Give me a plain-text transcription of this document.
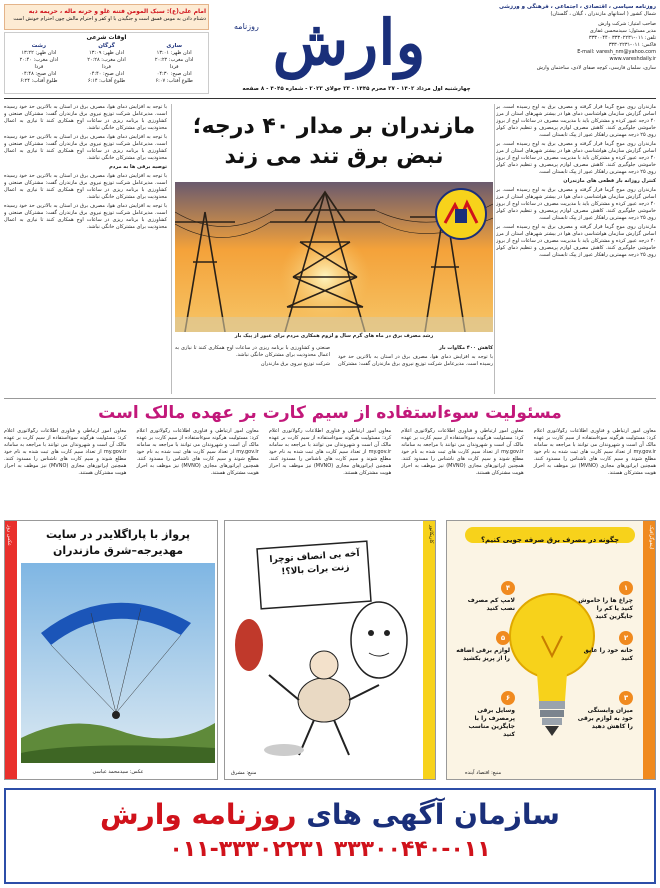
روزنامه سیاسی ، اقتصادی ، اجتماعی ، فرهنگی و ورزشی
شمال کشور ( استانهای مازندران ، گیلان ، گلستان)
صاحب امتیاز: شرکت وارش
مدیر مسئول: سیدمحسن غفاری
تلفن: ۰۱۱-۳۳۳۰۲۲۳۱ ۳۳۳۰۰۴۴۰
فاکس: ۰۱۱-۳۳۳۰۲۲۳۱
E-mail: varesh_nm@yahoo.com
www.vareshdaily.ir
ساری، سلمان فارسی، کوچه صفای لادی، ساختمان وارش
وارش
روزنامه
امام علی(ع): سبک المومن فتنه غلو و خرنه ماله ، حریمه دبه
دشنام دادن به مومن فسق است و جنگیدن با او کفر و احترام مالش چون احترام خونش است
اوقات شرعی
ساری
اذان ظهر: ۱۳:۰۱
اذان مغرب: ۲۰:۲۲
فردا
اذان صبح: ۰۴:۳۰
طلوع آفتاب: ۶:۰۷
گرگان
اذان ظهر: ۱۳:۰۹
اذان مغرب: ۲۰:۲۸
فردا
اذان صبح: ۰۴:۴۰
طلوع آفتاب: ۶:۱۴
رشت
اذان ظهر: ۱۳:۲۲
اذان مغرب: ۲۰:۴۰
فردا
اذان صبح: ۰۴:۴۸
طلوع آفتاب: ۶:۲۴
چهارشنبه اول مرداد ۱۴۰۲ - ۲۷ محرم ۱۴۴۵ - ۲۳ جولای ۲۰۲۳ - شماره ۴۰۴۵ - ۸ صفحه
مازندران بر مدار ۴۰ درجه؛
نبض برق تند می زند
رشد مصرف برق در ماه های گرم سال و لزوم همکاری مردم برای عبور از پیک بار

مازندران روی موج گرما قرار گرفته و مصرف برق به اوج رسیده است. بر اساس گزارش سازمان هواشناسی دمای هوا در بیشتر شهرهای استان از مرز ۴۰ درجه عبور کرده و مشترکان باید با مدیریت مصرف در ساعات اوج از بروز خاموشی جلوگیری کنند. کاهش مصرف لوازم پرمصرف و تنظیم دمای کولر روی ۲۵ درجه مهمترین راهکار عبور از پیک تابستان است.

مازندران روی موج گرما قرار گرفته و مصرف برق به اوج رسیده است. بر اساس گزارش سازمان هواشناسی دمای هوا در بیشتر شهرهای استان از مرز ۴۰ درجه عبور کرده و مشترکان باید با مدیریت مصرف در ساعات اوج از بروز خاموشی جلوگیری کنند. کاهش مصرف لوازم پرمصرف و تنظیم دمای کولر روی ۲۵ درجه مهمترین راهکار عبور از پیک تابستان است.

کنترل روزانه بار قطعی های مازندران

مازندران روی موج گرما قرار گرفته و مصرف برق به اوج رسیده است. بر اساس گزارش سازمان هواشناسی دمای هوا در بیشتر شهرهای استان از مرز ۴۰ درجه عبور کرده و مشترکان باید با مدیریت مصرف در ساعات اوج از بروز خاموشی جلوگیری کنند. کاهش مصرف لوازم پرمصرف و تنظیم دمای کولر روی ۲۵ درجه مهمترین راهکار عبور از پیک تابستان است.

مازندران روی موج گرما قرار گرفته و مصرف برق به اوج رسیده است. بر اساس گزارش سازمان هواشناسی دمای هوا در بیشتر شهرهای استان از مرز ۴۰ درجه عبور کرده و مشترکان باید با مدیریت مصرف در ساعات اوج از بروز خاموشی جلوگیری کنند. کاهش مصرف لوازم پرمصرف و تنظیم دمای کولر روی ۲۵ درجه مهمترین راهکار عبور از پیک تابستان است.

با توجه به افزایش دمای هوا، مصرف برق در استان به بالاترین حد خود رسیده است. مدیرعامل شرکت توزیع نیروی برق مازندران گفت: مشترکان صنعتی و کشاورزی با برنامه ریزی در ساعات اوج همکاری کنند تا نیازی به اعمال محدودیت برای مشترکان خانگی نباشد.

با توجه به افزایش دمای هوا، مصرف برق در استان به بالاترین حد خود رسیده است. مدیرعامل شرکت توزیع نیروی برق مازندران گفت: مشترکان صنعتی و کشاورزی با برنامه ریزی در ساعات اوج همکاری کنند تا نیازی به اعمال محدودیت برای مشترکان خانگی نباشد.

توصیه برقی ها به مردم

با توجه به افزایش دمای هوا، مصرف برق در استان به بالاترین حد خود رسیده است. مدیرعامل شرکت توزیع نیروی برق مازندران گفت: مشترکان صنعتی و کشاورزی با برنامه ریزی در ساعات اوج همکاری کنند تا نیازی به اعمال محدودیت برای مشترکان خانگی نباشد.

با توجه به افزایش دمای هوا، مصرف برق در استان به بالاترین حد خود رسیده است. مدیرعامل شرکت توزیع نیروی برق مازندران گفت: مشترکان صنعتی و کشاورزی با برنامه ریزی در ساعات اوج همکاری کنند تا نیازی به اعمال محدودیت برای مشترکان خانگی نباشد.

کاهش ۴۰۰ مگاوات بار

با توجه به افزایش دمای هوا، مصرف برق در استان به بالاترین حد خود رسیده است. مدیرعامل شرکت توزیع نیروی برق مازندران گفت: مشترکان صنعتی و کشاورزی با برنامه ریزی در ساعات اوج همکاری کنند تا نیازی به اعمال محدودیت برای مشترکان خانگی نباشد.

شرکت توزیع نیروی برق مازندران

مسئولیت سوءاستفاده از سیم کارت بر عهده مالک است

معاون امور ارتباطی و فناوری اطلاعات رگولاتوری اعلام کرد: مسئولیت هرگونه سوءاستفاده از سیم کارت بر عهده مالک آن است و شهروندان می توانند با مراجعه به سامانه my.gov.ir از تعداد سیم کارت های ثبت شده به نام خود مطلع شوند و سیم کارت های ناشناس را مسدود کنند. همچنین اپراتورهای مجازی (MVNO) نیز موظف به احراز هویت مشترکان هستند.

معاون امور ارتباطی و فناوری اطلاعات رگولاتوری اعلام کرد: مسئولیت هرگونه سوءاستفاده از سیم کارت بر عهده مالک آن است و شهروندان می توانند با مراجعه به سامانه my.gov.ir از تعداد سیم کارت های ثبت شده به نام خود مطلع شوند و سیم کارت های ناشناس را مسدود کنند. همچنین اپراتورهای مجازی (MVNO) نیز موظف به احراز هویت مشترکان هستند.

معاون امور ارتباطی و فناوری اطلاعات رگولاتوری اعلام کرد: مسئولیت هرگونه سوءاستفاده از سیم کارت بر عهده مالک آن است و شهروندان می توانند با مراجعه به سامانه my.gov.ir از تعداد سیم کارت های ثبت شده به نام خود مطلع شوند و سیم کارت های ناشناس را مسدود کنند. همچنین اپراتورهای مجازی (MVNO) نیز موظف به احراز هویت مشترکان هستند.

معاون امور ارتباطی و فناوری اطلاعات رگولاتوری اعلام کرد: مسئولیت هرگونه سوءاستفاده از سیم کارت بر عهده مالک آن است و شهروندان می توانند با مراجعه به سامانه my.gov.ir از تعداد سیم کارت های ثبت شده به نام خود مطلع شوند و سیم کارت های ناشناس را مسدود کنند. همچنین اپراتورهای مجازی (MVNO) نیز موظف به احراز هویت مشترکان هستند.

معاون امور ارتباطی و فناوری اطلاعات رگولاتوری اعلام کرد: مسئولیت هرگونه سوءاستفاده از سیم کارت بر عهده مالک آن است و شهروندان می توانند با مراجعه به سامانه my.gov.ir از تعداد سیم کارت های ثبت شده به نام خود مطلع شوند و سیم کارت های ناشناس را مسدود کنند. همچنین اپراتورهای مجازی (MVNO) نیز موظف به احراز هویت مشترکان هستند.

اینفوگرافیک
چگونه در مصرف برق صرفه جویی کنیم؟
۱
چراغ ها را خاموش کنید یا کم را جایگزین کنید
۲
خانه خود را عایق کنید
۳
میزان وابستگی خود به لوازم برقی را کاهش دهید
۴
لامپ کم مصرف نصب کنید
۵
لوازم برقی اضافه را از پریز بکشید
۶
وسایل برقی پرمصرف را با جایگزین مناسب کنید
منبع: اقتصاد آینده
کاریکاتور
آخه بی انصاف توچرا زنت برات بالا؟!
منبع: مشرق
عکس روز	پرواز با پاراگلایدر در سایت
مهدیرجه–شرق مازندران
عکس: سیدمحمد عباسی
سازمان آگهی های روزنامه وارش
۰۱۱-۳۳۳۰۲۲۳۱ ۳۳۳۰۰۴۴۰-۰۱۱
